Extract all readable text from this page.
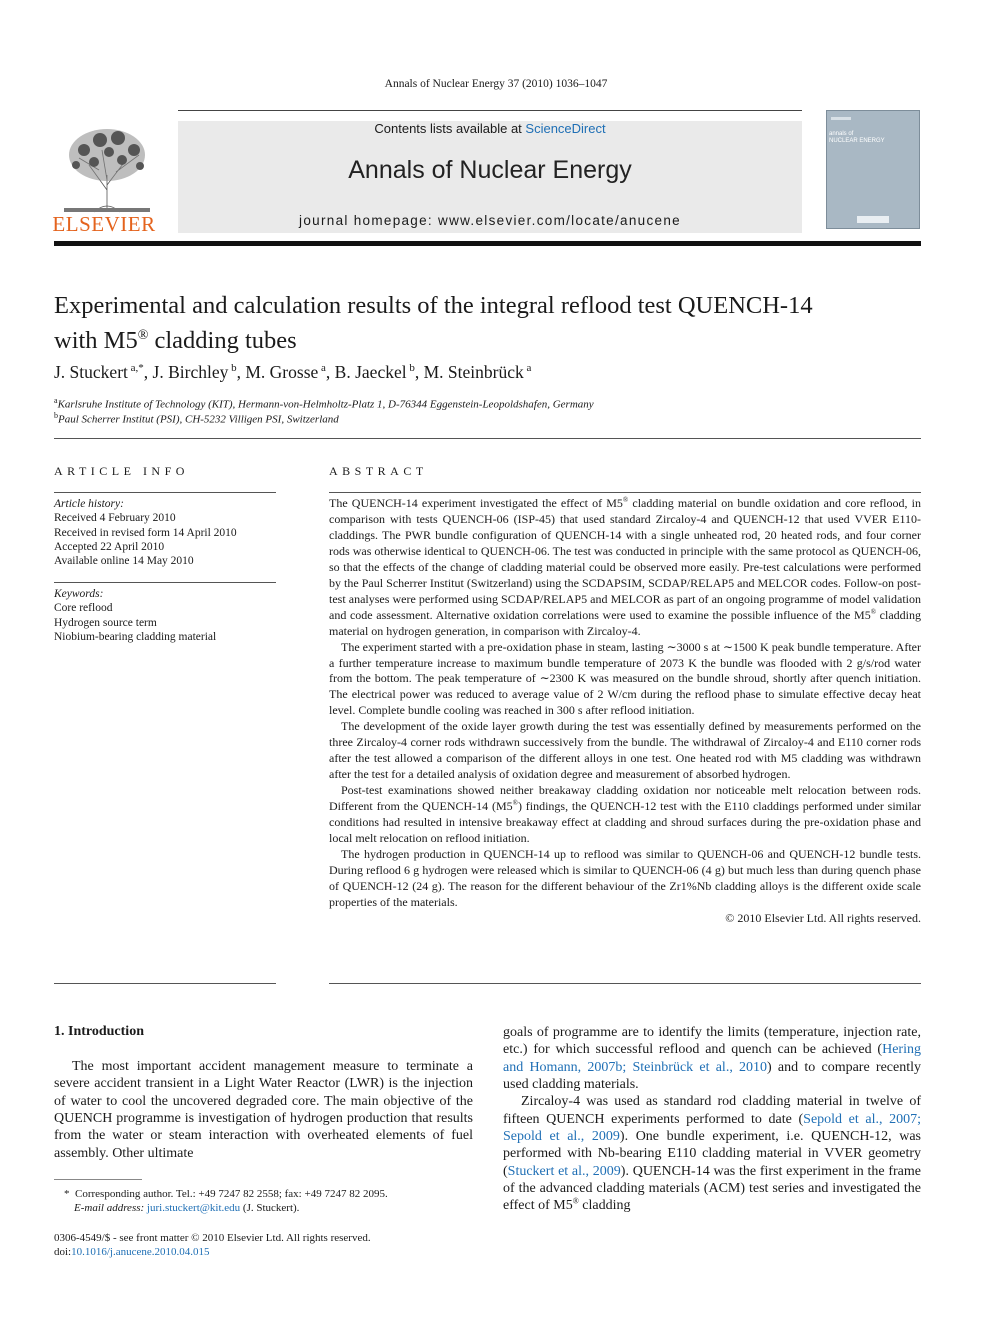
Annals of Nuclear Energy 37 (2010) 1036–1047
ELSEVIER
Contents lists available at ScienceDirect
Annals of Nuclear Energy
journal homepage: www.elsevier.com/locate/anucene
annals of
NUCLEAR ENERGY
Experimental and calculation results of the integral reflood test QUENCH-14
with M5® cladding tubes
J. Stuckert $^{a,*}$, J. Birchley $^b$, M. Grosse $^a$, B. Jaeckel $^b$, M. Steinbrück $^a$
$^a$Karlsruhe Institute of Technology (KIT), Hermann-von-Helmholtz-Platz 1, D-76344 Eggenstein-Leopoldshafen, Germany
$^b$Paul Scherrer Institut (PSI), CH-5232 Villigen PSI, Switzerland
ARTICLE INFO
Article history:
Received 4 February 2010
Received in revised form 14 April 2010
Accepted 22 April 2010
Available online 14 May 2010
Keywords:
Core reflood
Hydrogen source term
Niobium-bearing cladding material
ABSTRACT

The QUENCH-14 experiment investigated the effect of M5® cladding material on bundle oxidation and core reflood, in comparison with tests QUENCH-06 (ISP-45) that used standard Zircaloy-4 and QUENCH-12 that used VVER E110-claddings. The PWR bundle configuration of QUENCH-14 with a single unheated rod, 20 heated rods, and four corner rods was otherwise identical to QUENCH-06. The test was conducted in principle with the same protocol as QUENCH-06, so that the effects of the change of cladding material could be observed more easily. Pre-test calculations were performed by the Paul Scherrer Institut (Switzerland) using the SCDAPSIM, SCDAP/RELAP5 and MELCOR codes. Follow-on post-test analyses were performed using SCDAP/RELAP5 and MELCOR as part of an ongoing programme of model validation and code assessment. Alternative oxidation correlations were used to examine the possible influence of the M5® cladding material on hydrogen generation, in comparison with Zircaloy-4.

The experiment started with a pre-oxidation phase in steam, lasting ∼3000 s at ∼1500 K peak bundle temperature. After a further temperature increase to maximum bundle temperature of 2073 K the bundle was flooded with 2 g/s/rod water from the bottom. The peak temperature of ∼2300 K was measured on the bundle shroud, shortly after quench initiation. The electrical power was reduced to average value of 2 W/cm during the reflood phase to simulate effective decay heat level. Complete bundle cooling was reached in 300 s after reflood initiation.

The development of the oxide layer growth during the test was essentially defined by measurements performed on the three Zircaloy-4 corner rods withdrawn successively from the bundle. The withdrawal of Zircaloy-4 and E110 corner rods after the test allowed a comparison of the different alloys in one test. One heated rod with M5 cladding was withdrawn after the test for a detailed analysis of oxidation degree and measurement of absorbed hydrogen.

Post-test examinations showed neither breakaway cladding oxidation nor noticeable melt relocation between rods. Different from the QUENCH-14 (M5®) findings, the QUENCH-12 test with the E110 claddings performed under similar conditions had resulted in intensive breakaway effect at cladding and shroud surfaces during the pre-oxidation phase and local melt relocation on reflood initiation.

The hydrogen production in QUENCH-14 up to reflood was similar to QUENCH-06 and QUENCH-12 bundle tests. During reflood 6 g hydrogen were released which is similar to QUENCH-06 (4 g) but much less than during quench phase of QUENCH-12 (24 g). The reason for the different behaviour of the Zr1%Nb cladding alloys is the different oxide scale properties of the materials.

© 2010 Elsevier Ltd. All rights reserved.

1. Introduction

The most important accident management measure to terminate a severe accident transient in a Light Water Reactor (LWR) is the injection of water to cool the uncovered degraded core. The main objective of the QUENCH programme is investigation of hydrogen production that results from the water or steam interaction with overheated elements of fuel assembly. Other ultimate

goals of programme are to identify the limits (temperature, injection rate, etc.) for which successful reflood and quench can be achieved (Hering and Homann, 2007b; Steinbrück et al., 2010) and to compare recently used cladding materials.

Zircaloy-4 was used as standard rod cladding material in twelve of fifteen QUENCH experiments performed to date (Sepold et al., 2007; Sepold et al., 2009). One bundle experiment, i.e. QUENCH-12, was performed with Nb-bearing E110 cladding material in VVER geometry (Stuckert et al., 2009). QUENCH-14 was the first experiment in the frame of the advanced cladding materials (ACM) test series and investigated the effect of M5® cladding

* Corresponding author. Tel.: +49 7247 82 2558; fax: +49 7247 82 2095.
E-mail address: juri.stuckert@kit.edu (J. Stuckert).
0306-4549/$ - see front matter © 2010 Elsevier Ltd. All rights reserved.
doi:10.1016/j.anucene.2010.04.015
